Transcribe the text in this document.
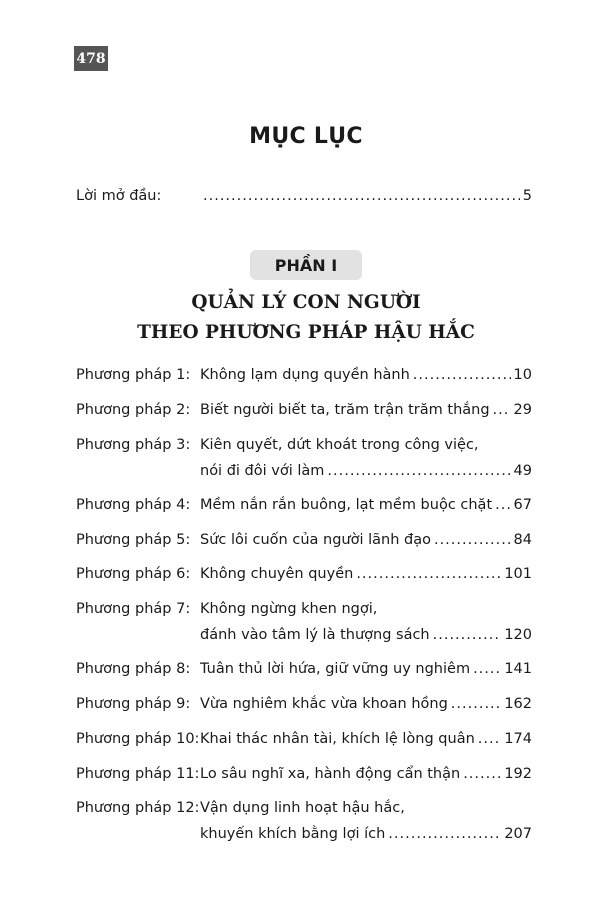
478
MỤC LỤC
Lời mở đầu: .....	5
PHẦN I
QUẢN LÝ CON NGƯỜI
THEO PHƯƠNG PHÁP HẬU HẮC
Phương pháp 1: Không lạm dụng quyền hành .....	10
Phương pháp 2: Biết người biết ta, trăm trận trăm thắng ..... 29
Phương pháp 3: Kiên quyết, dứt khoát trong công việc,
nói đi đôi với làm .....	49
Phương pháp 4: Mềm nắn rắn buông, lạt mềm buộc chặt ..... 67
Phương pháp 5: Sức lôi cuốn của người lãnh đạo .....	84
Phương pháp 6: Không chuyên quyền .....	101
Phương pháp 7: Không ngừng khen ngợi,
đánh vào tâm lý là thượng sách .....	120
Phương pháp 8: Tuân thủ lời hứa, giữ vững uy nghiêm ..... 141
Phương pháp 9: Vừa nghiêm khắc vừa khoan hồng .....	162
Phương pháp 10: Khai thác nhân tài, khích lệ lòng quân ..... 174
Phương pháp 11: Lo sâu nghĩ xa, hành động cẩn thận .....	192
Phương pháp 12: Vận dụng linh hoạt hậu hắc,
khuyến khích bằng lợi ích .....	207
